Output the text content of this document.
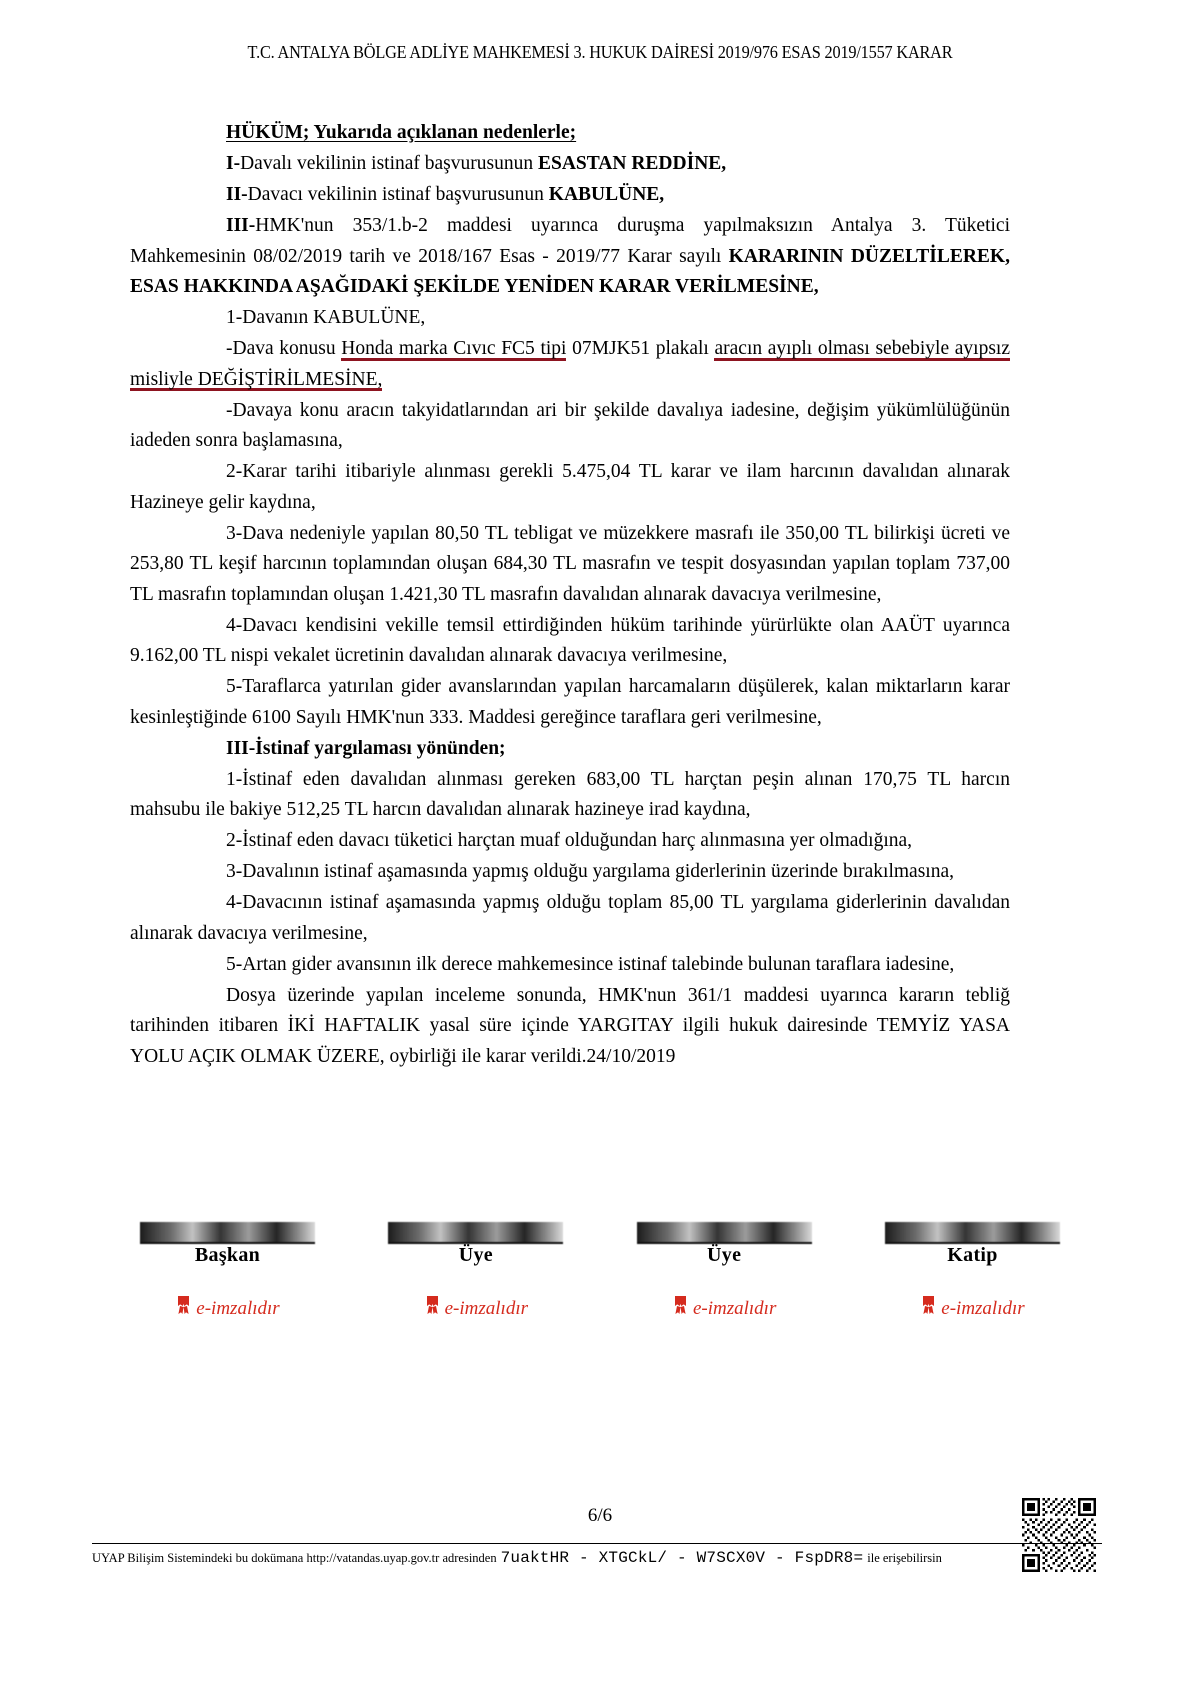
T.C. ANTALYA BÖLGE ADLİYE MAHKEMESİ 3. HUKUK DAİRESİ 2019/976 ESAS 2019/1557 KARAR

HÜKÜM; Yukarıda açıklanan nedenlerle;

I-Davalı vekilinin istinaf başvurusunun ESASTAN REDDİNE,

II-Davacı vekilinin istinaf başvurusunun KABULÜNE,

III-HMK'nun 353/1.b-2 maddesi uyarınca duruşma yapılmaksızın Antalya 3. Tüketici Mahkemesinin 08/02/2019 tarih ve 2018/167 Esas - 2019/77 Karar sayılı KARARININ DÜZELTİLEREK, ESAS HAKKINDA AŞAĞIDAKİ ŞEKİLDE YENİDEN KARAR VERİLMESİNE,

1-Davanın KABULÜNE,

-Dava konusu Honda marka Cıvıc FC5 tipi 07MJK51 plakalı aracın ayıplı olması sebebiyle ayıpsız misliyle DEĞİŞTİRİLMESİNE,

-Davaya konu aracın takyidatlarından ari bir şekilde davalıya iadesine, değişim yükümlülüğünün iadeden sonra başlamasına,

2-Karar tarihi itibariyle alınması gerekli 5.475,04 TL karar ve ilam harcının davalıdan alınarak Hazineye gelir kaydına,

3-Dava nedeniyle yapılan 80,50 TL tebligat ve müzekkere masrafı ile 350,00 TL bilirkişi ücreti ve 253,80 TL keşif harcının toplamından oluşan 684,30 TL masrafın ve tespit dosyasından yapılan toplam 737,00 TL masrafın toplamından oluşan 1.421,30 TL masrafın davalıdan alınarak davacıya verilmesine,

4-Davacı kendisini vekille temsil ettirdiğinden hüküm tarihinde yürürlükte olan AAÜT uyarınca 9.162,00 TL nispi vekalet ücretinin davalıdan alınarak davacıya verilmesine,

5-Taraflarca yatırılan gider avanslarından yapılan harcamaların düşülerek, kalan miktarların karar kesinleştiğinde 6100 Sayılı HMK'nun 333. Maddesi gereğince taraflara geri verilmesine,

III-İstinaf yargılaması yönünden;

1-İstinaf eden davalıdan alınması gereken 683,00 TL harçtan peşin alınan 170,75 TL harcın mahsubu ile bakiye 512,25 TL harcın davalıdan alınarak hazineye irad kaydına,

2-İstinaf eden davacı tüketici harçtan muaf olduğundan harç alınmasına yer olmadığına,

3-Davalının istinaf aşamasında yapmış olduğu yargılama giderlerinin üzerinde bırakılmasına,

4-Davacının istinaf aşamasında yapmış olduğu toplam 85,00 TL yargılama giderlerinin davalıdan alınarak davacıya verilmesine,

5-Artan gider avansının ilk derece mahkemesince istinaf talebinde bulunan taraflara iadesine,

Dosya üzerinde yapılan inceleme sonunda, HMK'nun 361/1 maddesi uyarınca kararın tebliğ tarihinden itibaren İKİ HAFTALIK yasal süre içinde YARGITAY ilgili hukuk dairesinde TEMYİZ YASA YOLU AÇIK OLMAK ÜZERE, oybirliği ile karar verildi.24/10/2019

Başkan	Üye	Üye	Katip
e-imzalıdır	e-imzalıdır	e-imzalıdır	e-imzalıdır
6/6
UYAP Bilişim Sistemindeki bu dokümana http://vatandas.uyap.gov.tr adresinden 7uaktHR - XTGCkL/ - W7SCX0V - FspDR8= ile erişebilirsin
